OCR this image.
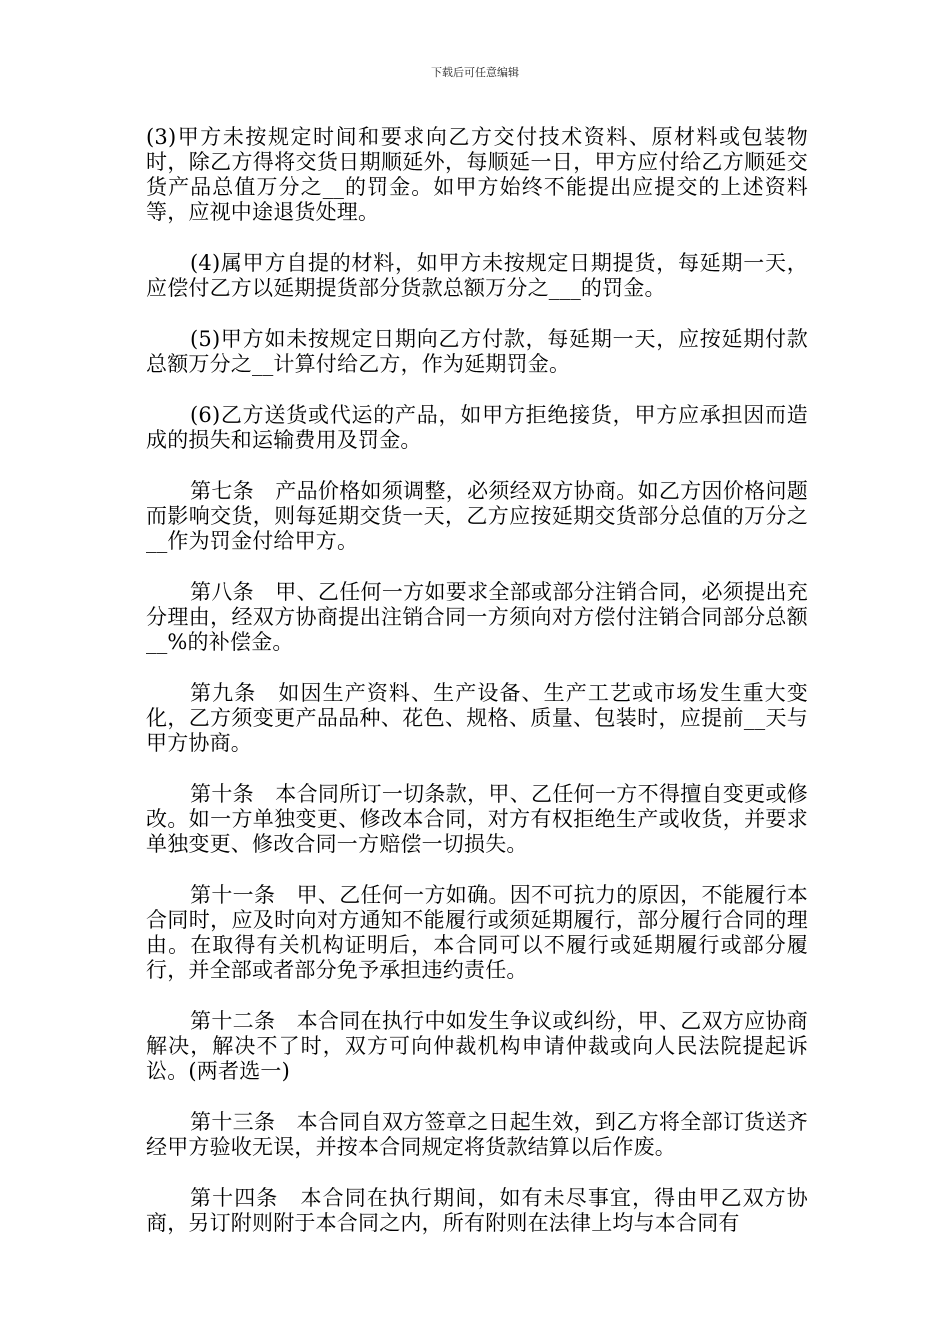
下载后可任意编辑

(3)甲方未按规定时间和要求向乙方交付技术资料、原材料或包装物时，除乙方得将交货日期顺延外，每顺延一日，甲方应付给乙方顺延交货产品总值万分之__的罚金。如甲方始终不能提出应提交的上述资料等，应视中途退货处理。

(4)属甲方自提的材料，如甲方未按规定日期提货，每延期一天，应偿付乙方以延期提货部分货款总额万分之___的罚金。

(5)甲方如未按规定日期向乙方付款，每延期一天，应按延期付款总额万分之__计算付给乙方，作为延期罚金。

(6)乙方送货或代运的产品，如甲方拒绝接货，甲方应承担因而造成的损失和运输费用及罚金。

第七条　产品价格如须调整，必须经双方协商。如乙方因价格问题而影响交货，则每延期交货一天，乙方应按延期交货部分总值的万分之__作为罚金付给甲方。

第八条　甲、乙任何一方如要求全部或部分注销合同，必须提出充分理由，经双方协商提出注销合同一方须向对方偿付注销合同部分总额__%的补偿金。

第九条　如因生产资料、生产设备、生产工艺或市场发生重大变化，乙方须变更产品品种、花色、规格、质量、包装时，应提前__天与甲方协商。

第十条　本合同所订一切条款，甲、乙任何一方不得擅自变更或修改。如一方单独变更、修改本合同，对方有权拒绝生产或收货，并要求单独变更、修改合同一方赔偿一切损失。

第十一条　甲、乙任何一方如确。因不可抗力的原因，不能履行本合同时，应及时向对方通知不能履行或须延期履行，部分履行合同的理由。在取得有关机构证明后，本合同可以不履行或延期履行或部分履行，并全部或者部分免予承担违约责任。

第十二条　本合同在执行中如发生争议或纠纷，甲、乙双方应协商解决，解决不了时，双方可向仲裁机构申请仲裁或向人民法院提起诉讼。(两者选一)

第十三条　本合同自双方签章之日起生效，到乙方将全部订货送齐经甲方验收无误，并按本合同规定将货款结算以后作废。

第十四条　本合同在执行期间，如有未尽事宜，得由甲乙双方协商，另订附则附于本合同之内，所有附则在法律上均与本合同有
